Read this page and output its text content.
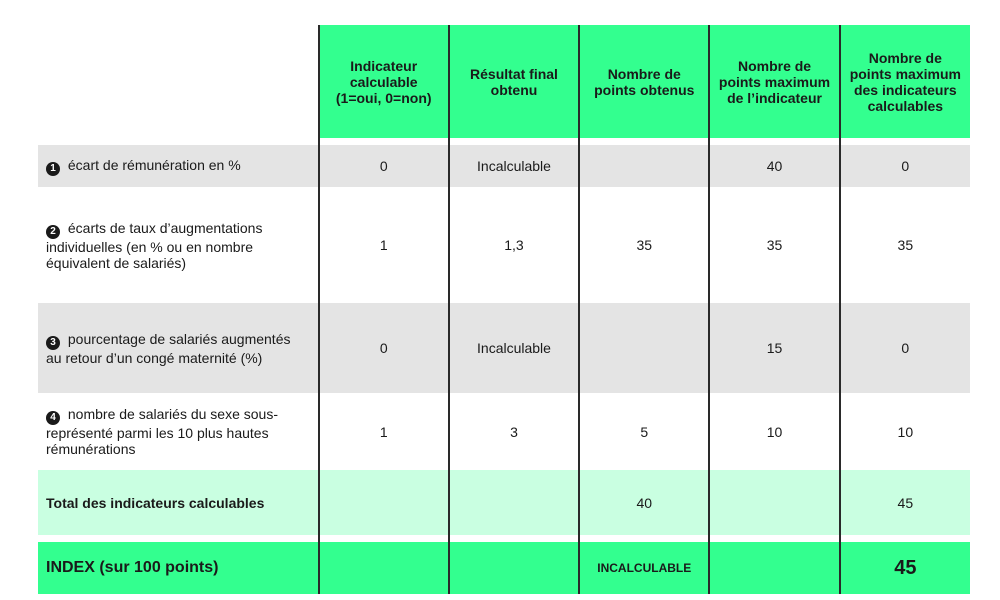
	Indicateur calculable (1=oui, 0=non)	Résultat final obtenu	Nombre de points obtenus	Nombre de points maximum de l’indicateur	Nombre de points maximum des indicateurs calculables

1 écart de rémunération en %	0	Incalculable		40	0
2 écarts de taux d’augmentations individuelles (en % ou en nombre équivalent de salariés)	1	1,3	35	35	35
3 pourcentage de salariés augmentés au retour d’un congé maternité (%)	0	Incalculable		15	0
4 nombre de salariés du sexe sous-représenté parmi les 10 plus hautes rémunérations	1	3	5	10	10
Total des indicateurs calculables			40		45

INDEX (sur 100 points)			INCALCULABLE		45
